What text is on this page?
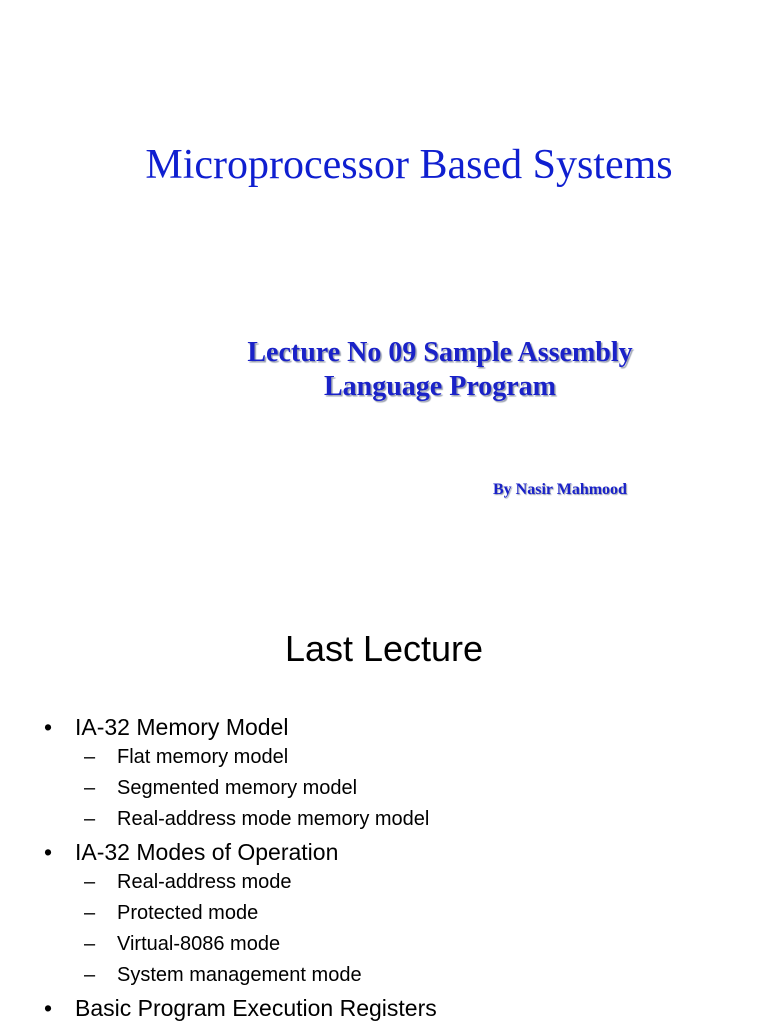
Microprocessor Based Systems
Lecture No 09 Sample Assembly
Language Program
By Nasir Mahmood
Last Lecture
• IA-32 Memory Model
– Flat memory model
– Segmented memory model
– Real-address mode memory model
• IA-32 Modes of Operation
– Real-address mode
– Protected mode
– Virtual-8086 mode
– System management mode
• Basic Program Execution Registers
